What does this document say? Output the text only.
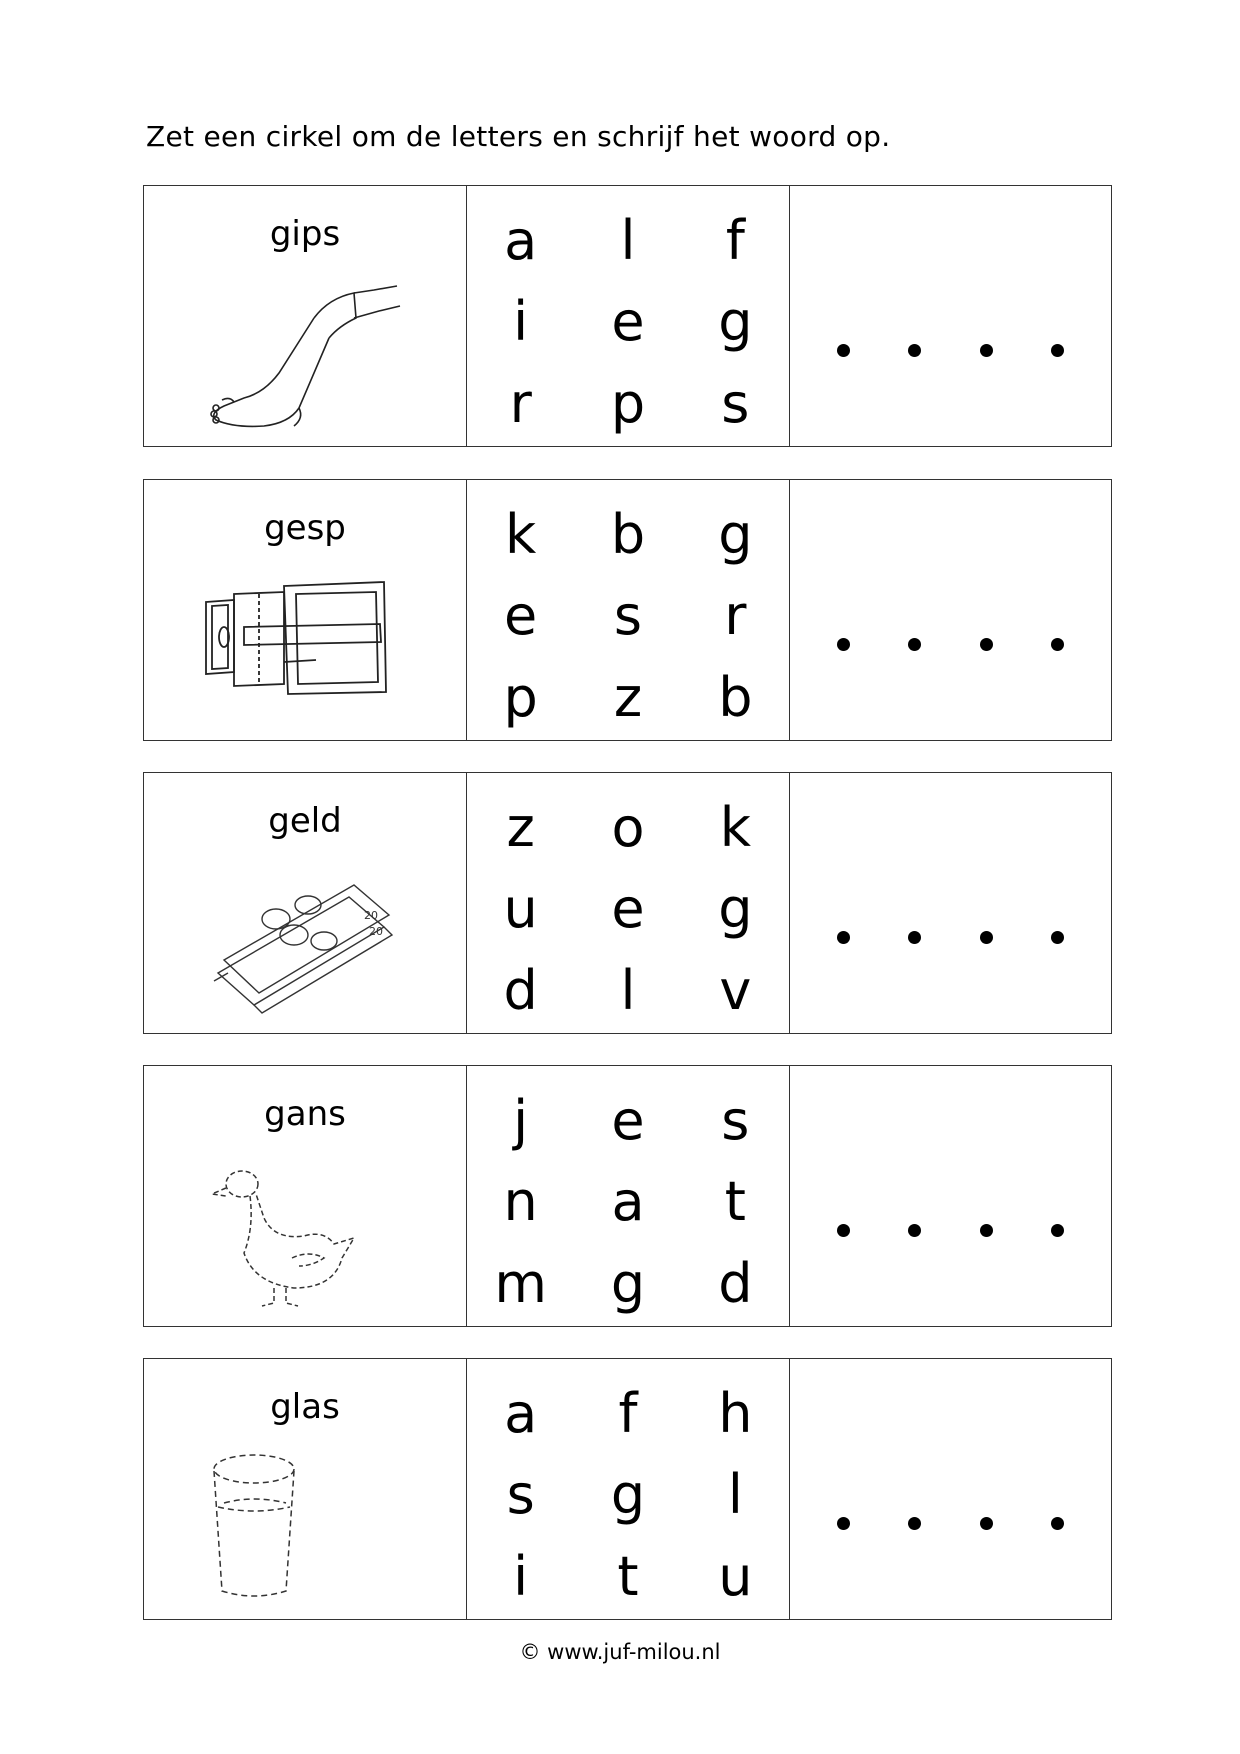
Zet een cirkel om de letters en schrijf het woord op.
gips	a	l	f
i	e	g
r	p	s
gesp	k	b	g
e	s	r
p	z	b
geld
20
20
z	o	k
u	e	g
d	l	v
gans	j	e	s
n	a	t
m	g	d
glas	a	f	h
s	g	l
i	t	u
© www.juf-milou.nl
